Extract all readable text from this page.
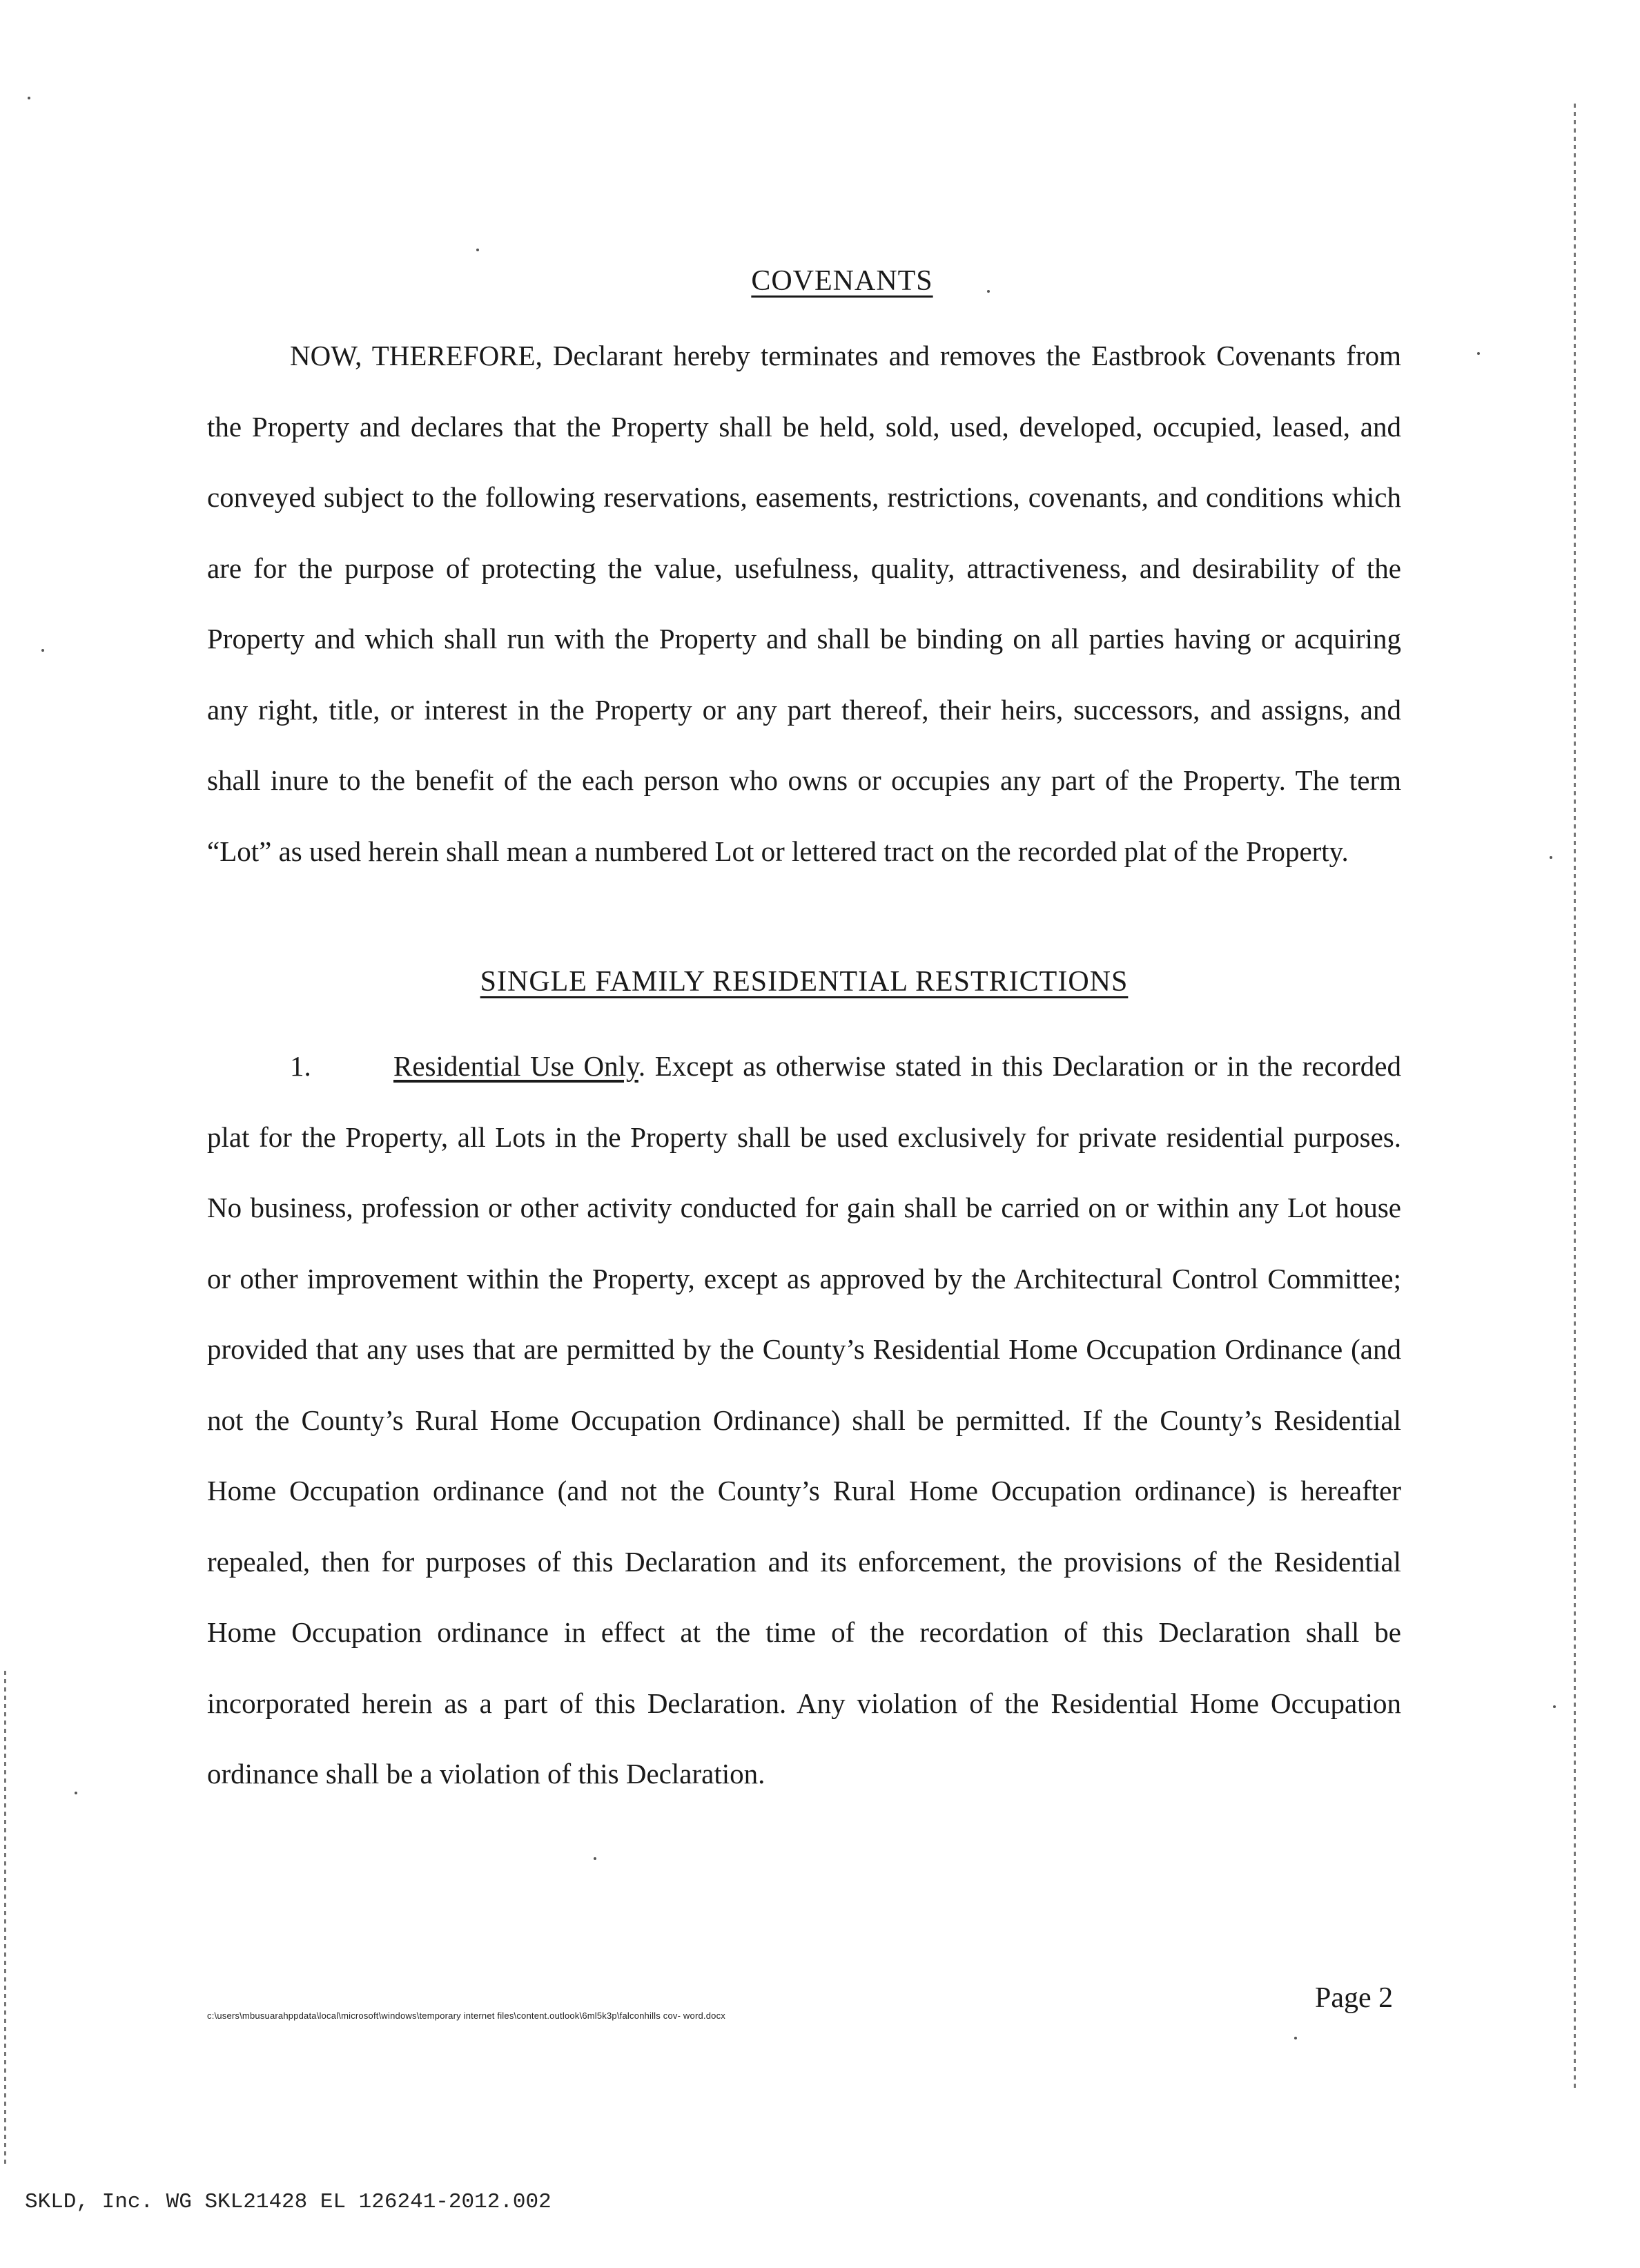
COVENANTS
NOW, THEREFORE, Declarant hereby terminates and removes the Eastbrook Covenants from the Property and declares that the Property shall be held, sold, used, developed, occupied, leased, and conveyed subject to the following reservations, easements, restrictions, covenants, and conditions which are for the purpose of protecting the value, usefulness, quality, attractiveness, and desirability of the Property and which shall run with the Property and shall be binding on all parties having or acquiring any right, title, or interest in the Property or any part thereof, their heirs, successors, and assigns, and shall inure to the benefit of the each person who owns or occupies any part of the Property. The term “Lot” as used herein shall mean a numbered Lot or lettered tract on the recorded plat of the Property.
SINGLE FAMILY RESIDENTIAL RESTRICTIONS
1.	Residential Use Only. Except as otherwise stated in this Declaration or in the recorded plat for the Property, all Lots in the Property shall be used exclusively for private residential purposes. No business, profession or other activity conducted for gain shall be carried on or within any Lot house or other improvement within the Property, except as approved by the Architectural Control Committee; provided that any uses that are permitted by the County’s Residential Home Occupation Ordinance (and not the County’s Rural Home Occupation Ordinance) shall be permitted. If the County’s Residential Home Occupation ordinance (and not the County’s Rural Home Occupation ordinance) is hereafter repealed, then for purposes of this Declaration and its enforcement, the provisions of the Residential Home Occupation ordinance in effect at the time of the recordation of this Declaration shall be incorporated herein as a part of this Declaration. Any violation of the Residential Home Occupation ordinance shall be a violation of this Declaration.
Page 2
c:\users\mbusuarahppdata\local\microsoft\windows\temporary internet files\content.outlook\6ml5k3p\falconhills cov- word.docx
SKLD, Inc. WG SKL21428 EL 126241-2012.002
